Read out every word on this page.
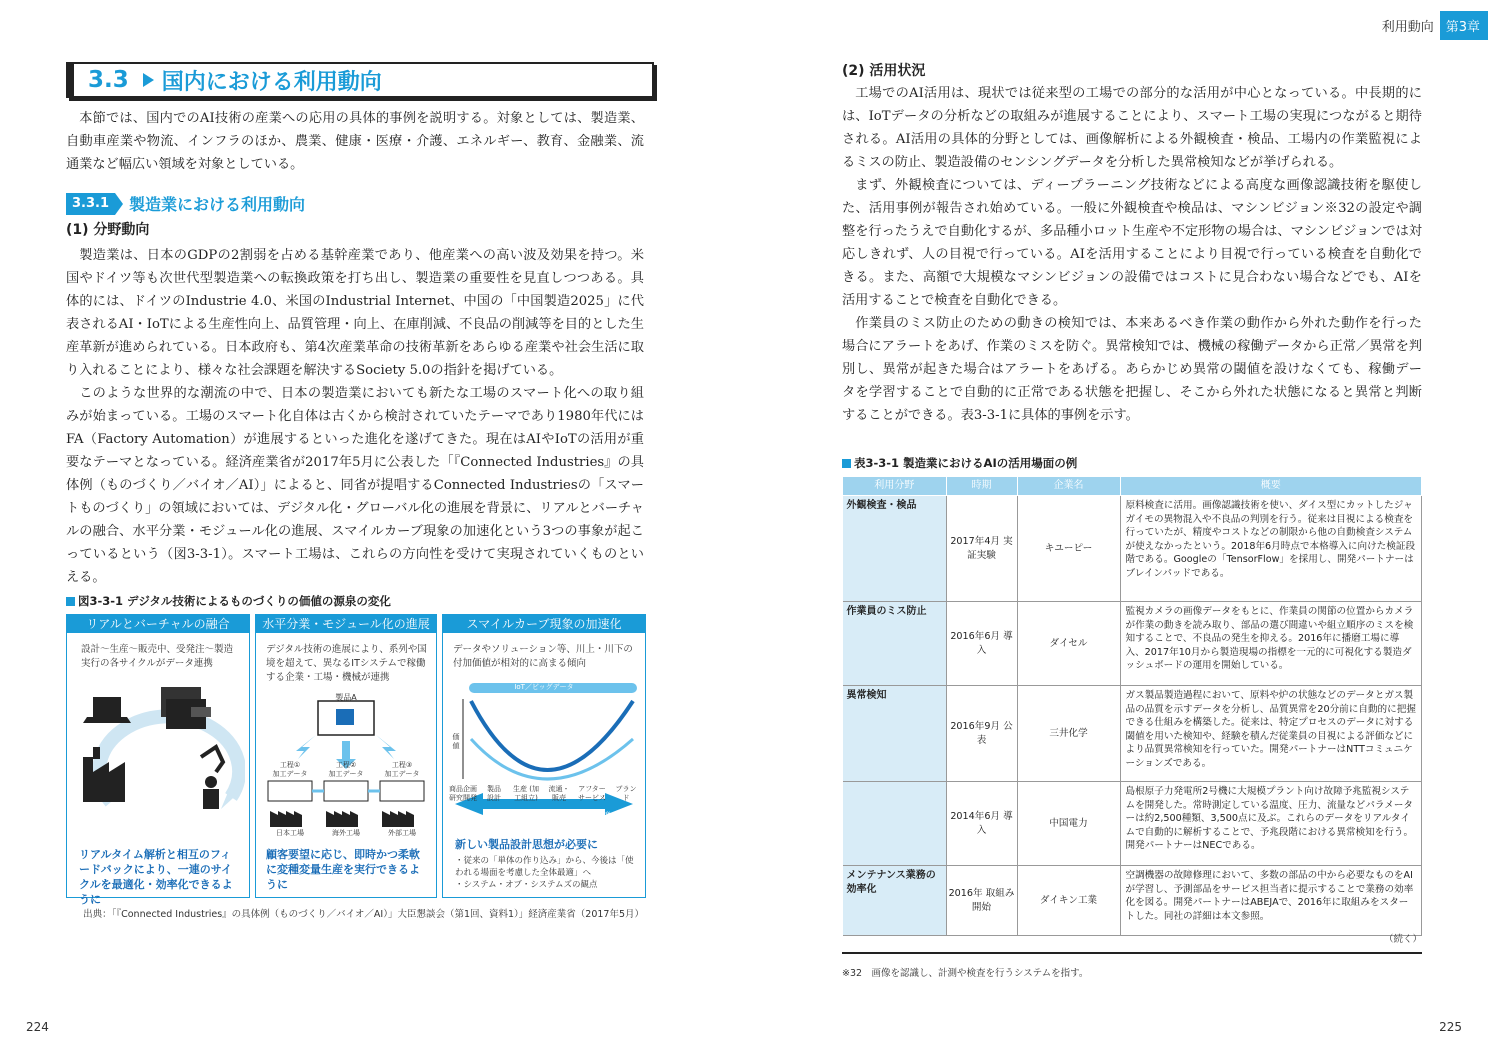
3.3 国内における利用動向
本節では、国内でのAI技術の産業への応用の具体的事例を説明する。対象としては、製造業、自動車産業や物流、インフラのほか、農業、健康・医療・介護、エネルギー、教育、金融業、流通業など幅広い領域を対象としている。
3.3.1	製造業における利用動向
(1) 分野動向
製造業は、日本のGDPの2割弱を占める基幹産業であり、他産業への高い波及効果を持つ。米国やドイツ等も次世代型製造業への転換政策を打ち出し、製造業の重要性を見直しつつある。具体的には、ドイツのIndustrie 4.0、米国のIndustrial Internet、中国の「中国製造2025」に代表されるAI・IoTによる生産性向上、品質管理・向上、在庫削減、不良品の削減等を目的とした生産革新が進められている。日本政府も、第4次産業革命の技術革新をあらゆる産業や社会生活に取り入れることにより、様々な社会課題を解決するSociety 5.0の指針を掲げている。
このような世界的な潮流の中で、日本の製造業においても新たな工場のスマート化への取り組みが始まっている。工場のスマート化自体は古くから検討されていたテーマであり1980年代にはFA（Factory Automation）が進展するといった進化を遂げてきた。現在はAIやIoTの活用が重要なテーマとなっている。経済産業省が2017年5月に公表した「『Connected Industries』の具体例（ものづくり／バイオ／AI）」によると、同省が提唱するConnected Industriesの「スマートものづくり」の領域においては、デジタル化・グローバル化の進展を背景に、リアルとバーチャルの融合、水平分業・モジュール化の進展、スマイルカーブ現象の加速化という3つの事象が起こっているという（図3-3-1）。スマート工場は、これらの方向性を受けて実現されていくものといえる。
図3-3-1 デジタル技術によるものづくりの価値の源泉の変化
リアルとバーチャルの融合
設計〜生産〜販売中、受発注〜製造実行の各サイクルがデータ連携
リアルタイム解析と相互のフィードバックにより、一連のサイクルを最適化・効率化できるように
水平分業・モジュール化の進展
デジタル技術の進展により、系列や国境を超えて、異なるITシステムで稼働する企業・工場・機械が連携
製品A
工程①	工程②	工程③
加工データ	加工データ	加工データ
日本工場	海外工場	外部工場
顧客要望に応じ、即時かつ柔軟に変種変量生産を実行できるように
スマイルカーブ現象の加速化
データやソリューション等、川上・川下の付加価値が相対的に高まる傾向
IoT／ビッグデータ
価値
商品企画 研究開発
製品 設計
生産 (加工組立)
流通・ 販売
アフター サービス
ブランド
技術力 企画力
QCD競争力	顧客満足度 ブランド力
新しい製品設計思想が必要に
・従来の「単体の作り込み」から、今後は「使われる場面を考慮した全体最適」へ
・システム・オブ・システムズの観点
出典：「『Connected Industries』の具体例（ものづくり／バイオ／AI）」大臣懇談会（第1回、資料1）」経済産業省（2017年5月）
224
利用動向 第3章
(2) 活用状況
工場でのAI活用は、現状では従来型の工場での部分的な活用が中心となっている。中長期的には、IoTデータの分析などの取組みが進展することにより、スマート工場の実現につながると期待される。AI活用の具体的分野としては、画像解析による外観検査・検品、工場内の作業監視によるミスの防止、製造設備のセンシングデータを分析した異常検知などが挙げられる。
まず、外観検査については、ディープラーニング技術などによる高度な画像認識技術を駆使した、活用事例が報告され始めている。一般に外観検査や検品は、マシンビジョン※32の設定や調整を行ったうえで自動化するが、多品種小ロット生産や不定形物の場合は、マシンビジョンでは対応しきれず、人の目視で行っている。AIを活用することにより目視で行っている検査を自動化できる。また、高額で大規模なマシンビジョンの設備ではコストに見合わない場合などでも、AIを活用することで検査を自動化できる。
作業員のミス防止のための動きの検知では、本来あるべき作業の動作から外れた動作を行った場合にアラートをあげ、作業のミスを防ぐ。異常検知では、機械の稼働データから正常／異常を判別し、異常が起きた場合はアラートをあげる。あらかじめ異常の閾値を設けなくても、稼働データを学習することで自動的に正常である状態を把握し、そこから外れた状態になると異常と判断することができる。表3-3-1に具体的事例を示す。
表3-3-1 製造業におけるAIの活用場面の例
利用分野	時期	企業名	概要
外観検査・検品	2017年4月 実証実験	キユーピー	原料検査に活用。画像認識技術を使い、ダイス型にカットしたジャガイモの異物混入や不良品の判別を行う。従来は目視による検査を行っていたが、精度やコストなどの制限から他の自動検査システムが使えなかったという。2018年6月時点で本格導入に向けた検証段階である。Googleの「TensorFlow」を採用し、開発パートナーはブレインパッドである。
作業員のミス防止	2016年6月 導入	ダイセル	監視カメラの画像データをもとに、作業員の関節の位置からカメラが作業の動きを読み取り、部品の選び間違いや組立順序のミスを検知することで、不良品の発生を抑える。2016年に播磨工場に導入、2017年10月から製造現場の指標を一元的に可視化する製造ダッシュボードの運用を開始している。
異常検知	2016年9月 公表	三井化学	ガス製品製造過程において、原料や炉の状態などのデータとガス製品の品質を示すデータを分析し、品質異常を20分前に自動的に把握できる仕組みを構築した。従来は、特定プロセスのデータに対する閾値を用いた検知や、経験を積んだ従業員の目視による評価などにより品質異常検知を行っていた。開発パートナーはNTTコミュニケーションズである。
	2014年6月 導入	中国電力	島根原子力発電所2号機に大規模プラント向け故障予兆監視システムを開発した。常時測定している温度、圧力、流量などパラメーターは約2,500種類、3,500点に及ぶ。これらのデータをリアルタイムで自動的に解析することで、予兆段階における異常検知を行う。開発パートナーはNECである。
メンテナンス業務の効率化	2016年 取組み開始	ダイキン工業	空調機器の故障修理において、多数の部品の中から必要なものをAIが学習し、予測部品をサービス担当者に提示することで業務の効率化を図る。開発パートナーはABEJAで、2016年に取組みをスタートした。同社の詳細は本文参照。
（続く）
※32　画像を認識し、計測や検査を行うシステムを指す。
225
